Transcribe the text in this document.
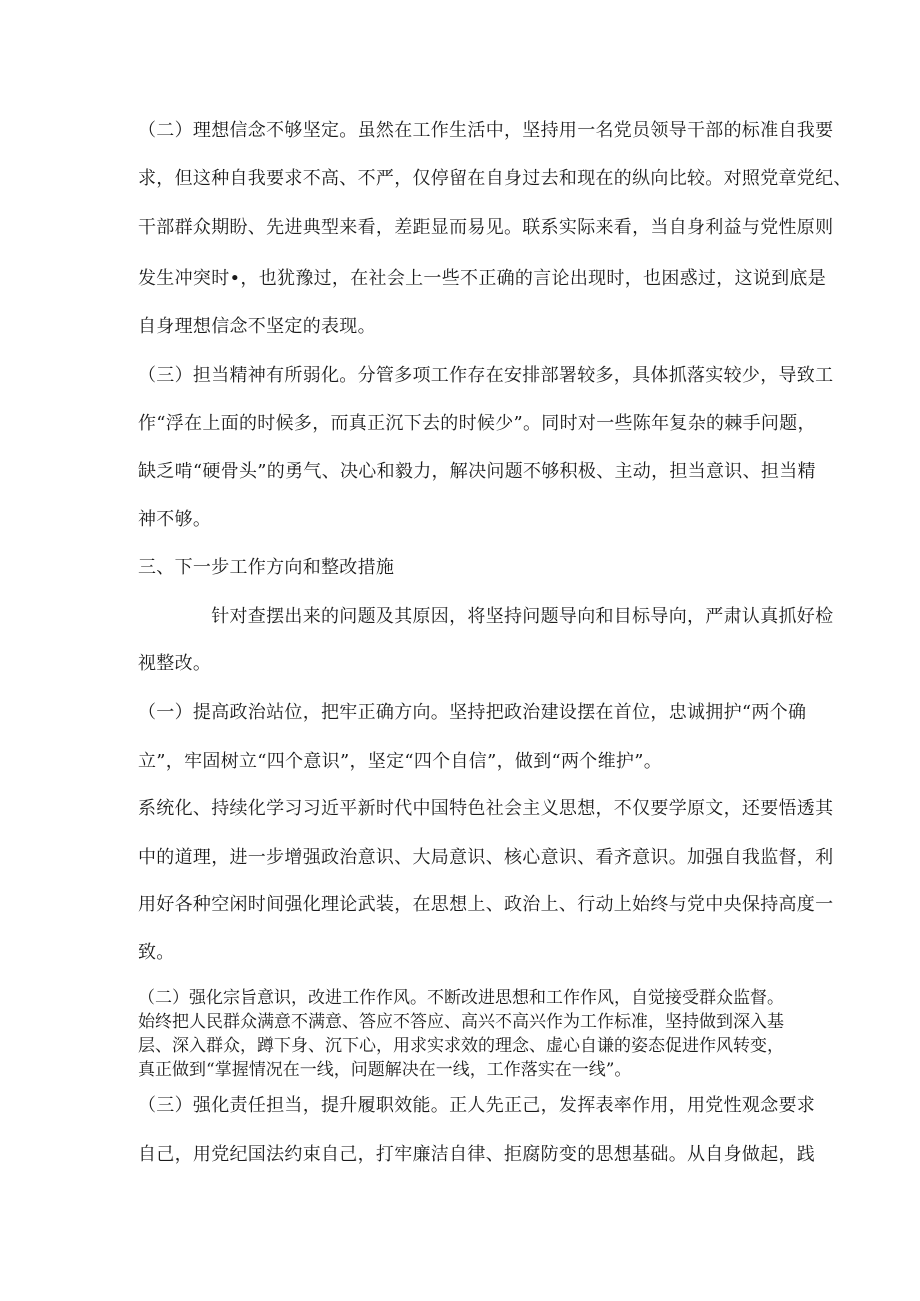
（二）理想信念不够坚定。虽然在工作生活中，坚持用一名党员领导干部的标准自我要
求，但这种自我要求不高、不严，仅停留在自身过去和现在的纵向比较。对照党章党纪、
干部群众期盼、先进典型来看，差距显而易见。联系实际来看，当自身利益与党性原则
发生冲突时•，也犹豫过，在社会上一些不正确的言论出现时，也困惑过，这说到底是
自身理想信念不坚定的表现。
（三）担当精神有所弱化。分管多项工作存在安排部署较多，具体抓落实较少，导致工
作“浮在上面的时候多，而真正沉下去的时候少”。同时对一些陈年复杂的棘手问题，
缺乏啃“硬骨头”的勇气、决心和毅力，解决问题不够积极、主动，担当意识、担当精
神不够。
三、下一步工作方向和整改措施
　　　　针对查摆出来的问题及其原因，将坚持问题导向和目标导向，严肃认真抓好检
视整改。
（一）提高政治站位，把牢正确方向。坚持把政治建设摆在首位，忠诚拥护“两个确
立”，牢固树立“四个意识”，坚定“四个自信”，做到“两个维护”。
系统化、持续化学习习近平新时代中国特色社会主义思想，不仅要学原文，还要悟透其
中的道理，进一步增强政治意识、大局意识、核心意识、看齐意识。加强自我监督，利
用好各种空闲时间强化理论武装，在思想上、政治上、行动上始终与党中央保持高度一
致。
（二）强化宗旨意识，改进工作作风。不断改进思想和工作作风，自觉接受群众监督。
始终把人民群众满意不满意、答应不答应、高兴不高兴作为工作标准，坚持做到深入基
层、深入群众，蹲下身、沉下心，用求实求效的理念、虚心自谦的姿态促进作风转变，
真正做到“掌握情况在一线，问题解决在一线，工作落实在一线”。
（三）强化责任担当，提升履职效能。正人先正己，发挥表率作用，用党性观念要求
自己，用党纪国法约束自己，打牢廉洁自律、拒腐防变的思想基础。从自身做起，践
